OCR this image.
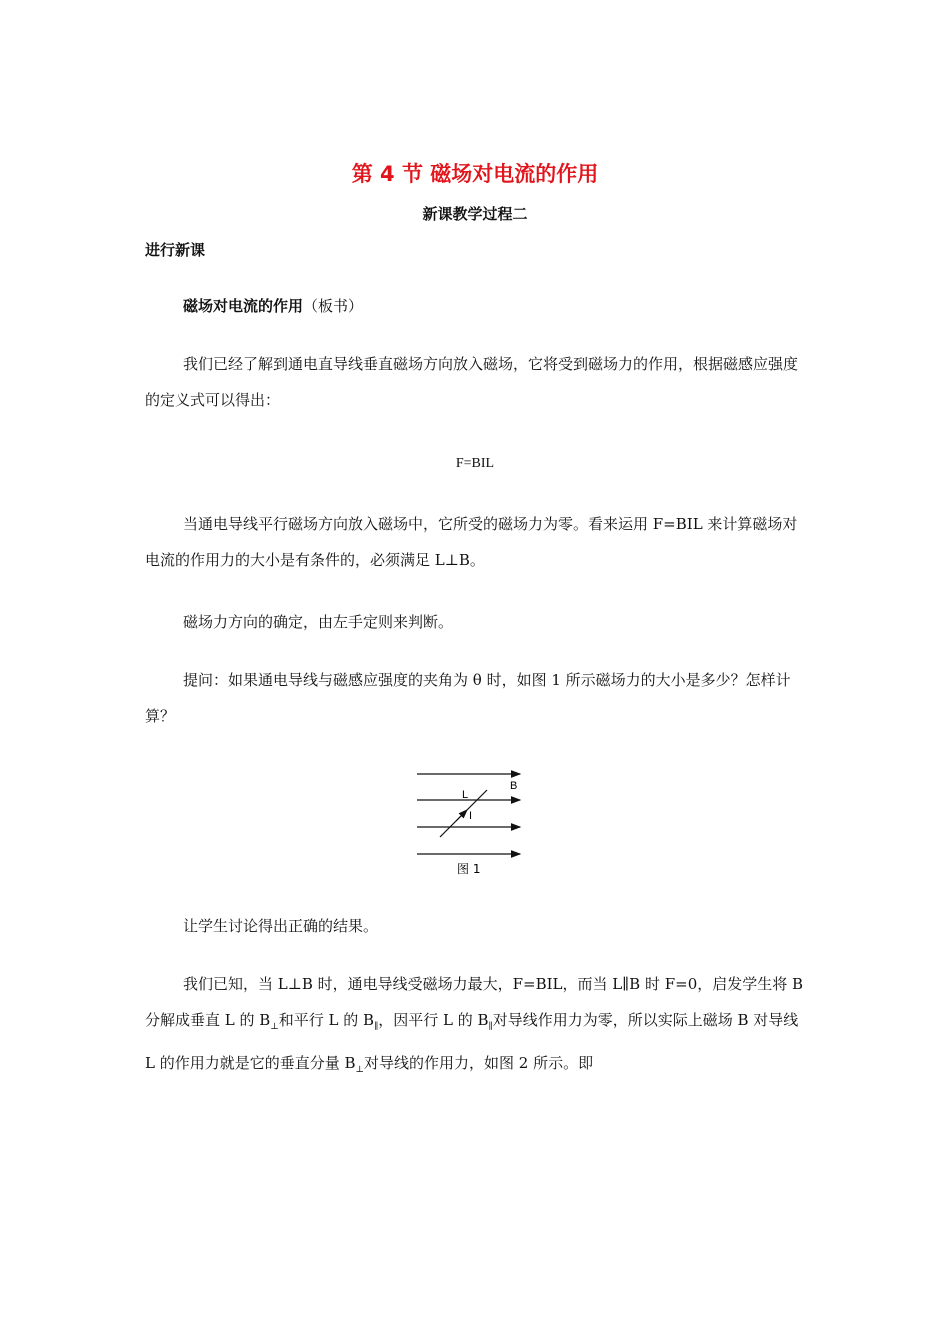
第 4 节 磁场对电流的作用
新课教学过程二
进行新课
磁场对电流的作用（板书）
我们已经了解到通电直导线垂直磁场方向放入磁场，它将受到磁场力的作用，根据磁感应强度的定义式可以得出：
F=BIL
当通电导线平行磁场方向放入磁场中，它所受的磁场力为零。看来运用 F=BIL 来计算磁场对电流的作用力的大小是有条件的，必须满足 L⊥B。
磁场力方向的确定，由左手定则来判断。
提问：如果通电导线与磁感应强度的夹角为 θ 时，如图 1 所示磁场力的大小是多少？怎样计算？
B
L
I
图 1
让学生讨论得出正确的结果。
我们已知，当 L⊥B 时，通电导线受磁场力最大，F=BIL，而当 L∥B 时 F=0，启发学生将 B 分解成垂直 L 的 $B_\perp$和平行 L 的 $B_\parallel$，因平行 L 的 $B_\parallel$对导线作用力为零，所以实际上磁场 B 对导线 L 的作用力就是它的垂直分量 $B_\perp$对导线的作用力，如图 2 所示。即
